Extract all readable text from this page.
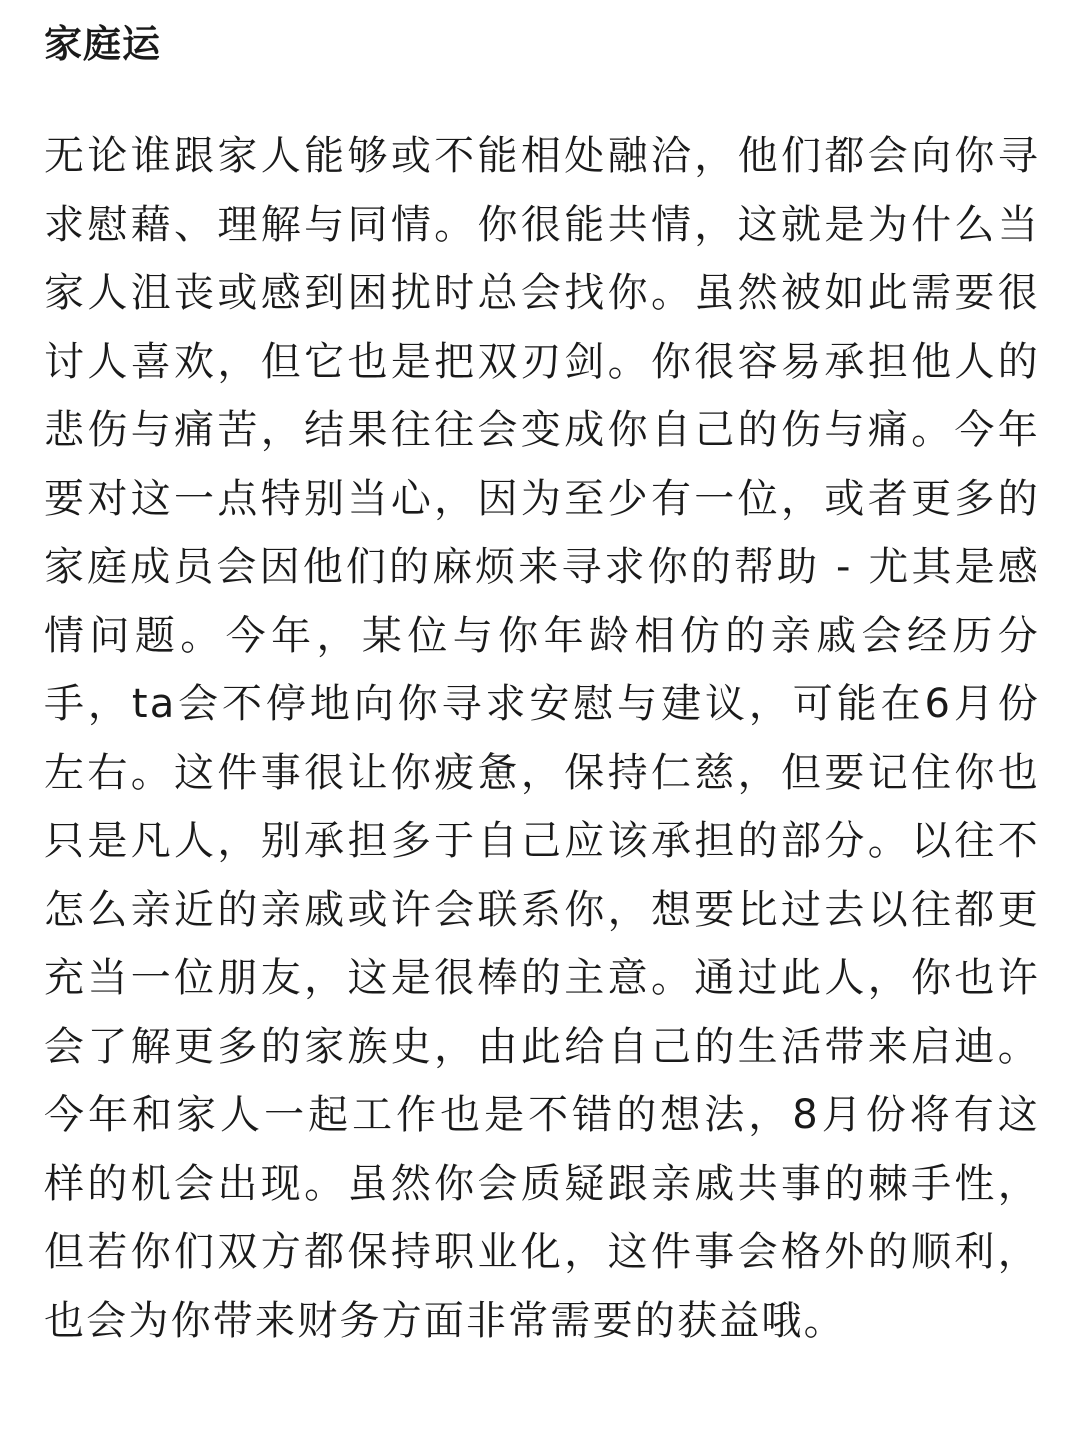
家庭运

无论谁跟家人能够或不能相处融洽，他们都会向你寻求慰藉、理解与同情。你很能共情，这就是为什么当家人沮丧或感到困扰时总会找你。虽然被如此需要很讨人喜欢，但它也是把双刃剑。你很容易承担他人的悲伤与痛苦，结果往往会变成你自己的伤与痛。今年要对这一点特别当心，因为至少有一位，或者更多的家庭成员会因他们的麻烦来寻求你的帮助 - 尤其是感情问题。今年，某位与你年龄相仿的亲戚会经历分手，ta会不停地向你寻求安慰与建议，可能在6月份左右。这件事很让你疲惫，保持仁慈，但要记住你也只是凡人，别承担多于自己应该承担的部分。以往不怎么亲近的亲戚或许会联系你，想要比过去以往都更充当一位朋友，这是很棒的主意。通过此人，你也许会了解更多的家族史，由此给自己的生活带来启迪。今年和家人一起工作也是不错的想法，8月份将有这样的机会出现。虽然你会质疑跟亲戚共事的棘手性，但若你们双方都保持职业化，这件事会格外的顺利，也会为你带来财务方面非常需要的获益哦。
